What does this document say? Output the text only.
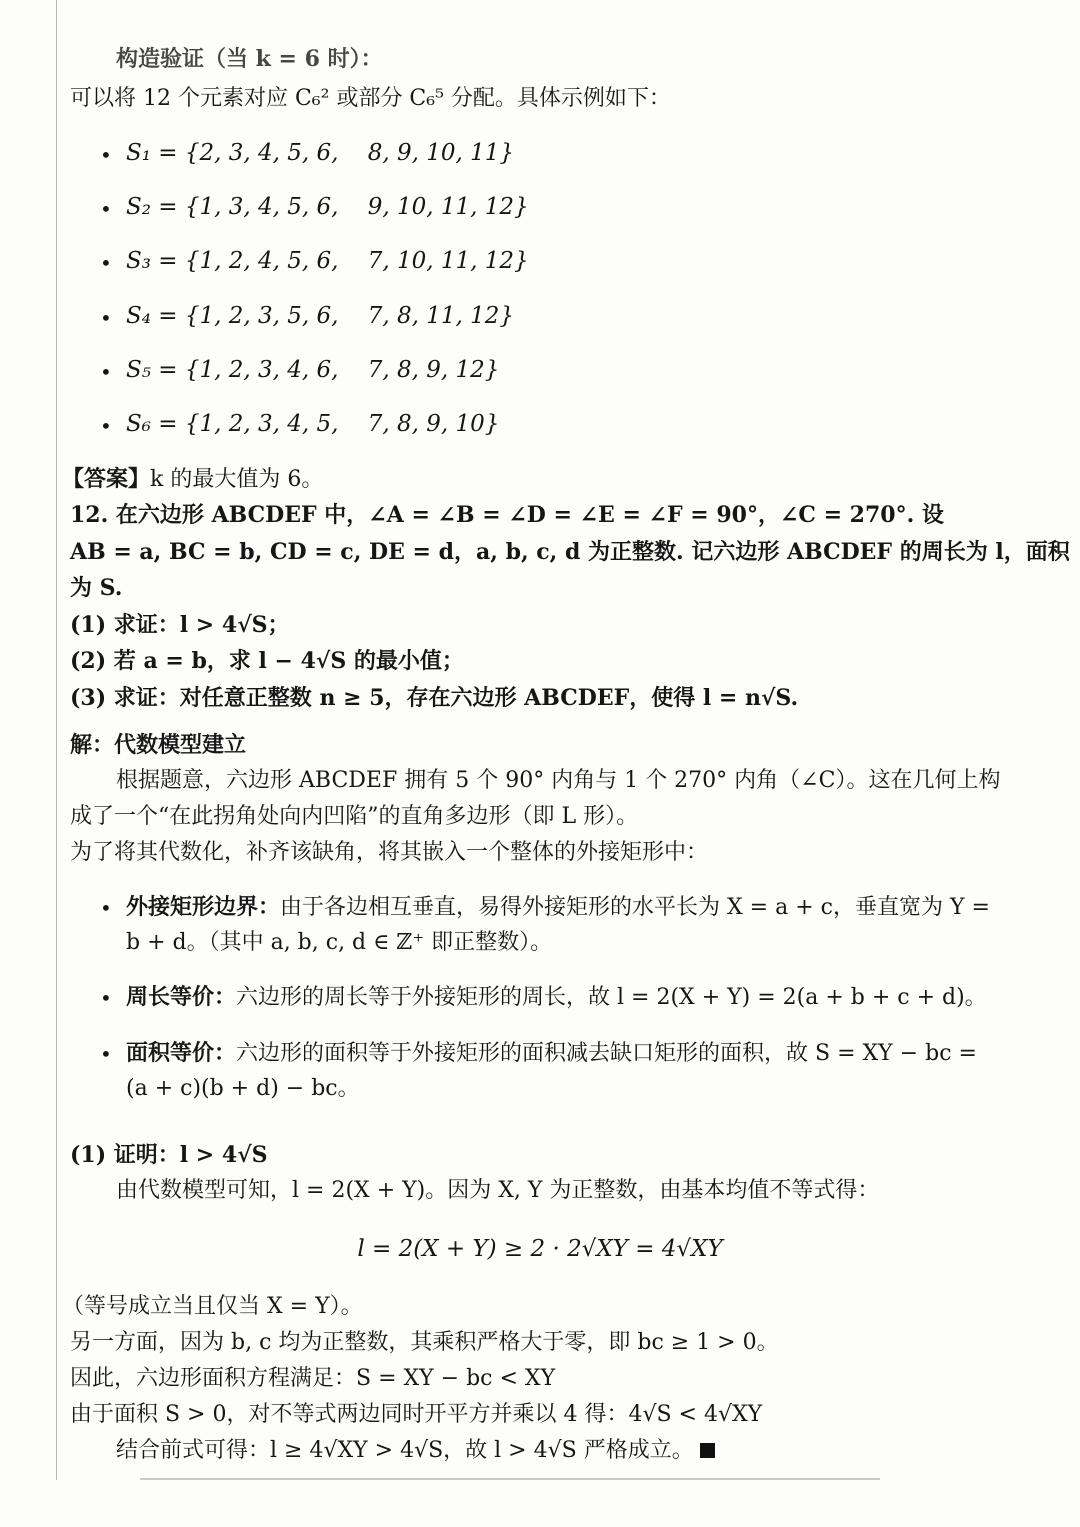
构造验证（当 k = 6 时）：
可以将 12 个元素对应 C₆² 或部分 C₆⁵ 分配。具体示例如下：
• S₁ = {2, 3, 4, 5, 6,    8, 9, 10, 11}
• S₂ = {1, 3, 4, 5, 6,    9, 10, 11, 12}
• S₃ = {1, 2, 4, 5, 6,    7, 10, 11, 12}
• S₄ = {1, 2, 3, 5, 6,    7, 8, 11, 12}
• S₅ = {1, 2, 3, 4, 6,    7, 8, 9, 12}
• S₆ = {1, 2, 3, 4, 5,    7, 8, 9, 10}
【答案】k 的最大值为 6。
12. 在六边形 ABCDEF 中，∠A = ∠B = ∠D = ∠E = ∠F = 90°，∠C = 270°. 设
AB = a, BC = b, CD = c, DE = d，a, b, c, d 为正整数. 记六边形 ABCDEF 的周长为 l，面积
为 S.
(1) 求证：l > 4√S；
(2) 若 a = b，求 l − 4√S 的最小值；
(3) 求证：对任意正整数 n ≥ 5，存在六边形 ABCDEF，使得 l = n√S.
解：代数模型建立
根据题意，六边形 ABCDEF 拥有 5 个 90° 内角与 1 个 270° 内角（∠C）。这在几何上构
成了一个“在此拐角处向内凹陷”的直角多边形（即 L 形）。
为了将其代数化，补齐该缺角，将其嵌入一个整体的外接矩形中：
• 外接矩形边界：由于各边相互垂直，易得外接矩形的水平长为 X = a + c，垂直宽为 Y =
b + d。（其中 a, b, c, d ∈ ℤ⁺ 即正整数）。
• 周长等价：六边形的周长等于外接矩形的周长，故 l = 2(X + Y) = 2(a + b + c + d)。
• 面积等价：六边形的面积等于外接矩形的面积减去缺口矩形的面积，故 S = XY − bc =
(a + c)(b + d) − bc。
(1) 证明：l > 4√S
由代数模型可知，l = 2(X + Y)。因为 X, Y 为正整数，由基本均值不等式得：
l = 2(X + Y) ≥ 2 · 2√XY = 4√XY
（等号成立当且仅当 X = Y）。
另一方面，因为 b, c 均为正整数，其乘积严格大于零，即 bc ≥ 1 > 0。
因此，六边形面积方程满足：S = XY − bc < XY
由于面积 S > 0，对不等式两边同时开平方并乘以 4 得：4√S < 4√XY
结合前式可得：l ≥ 4√XY > 4√S，故 l > 4√S 严格成立。
